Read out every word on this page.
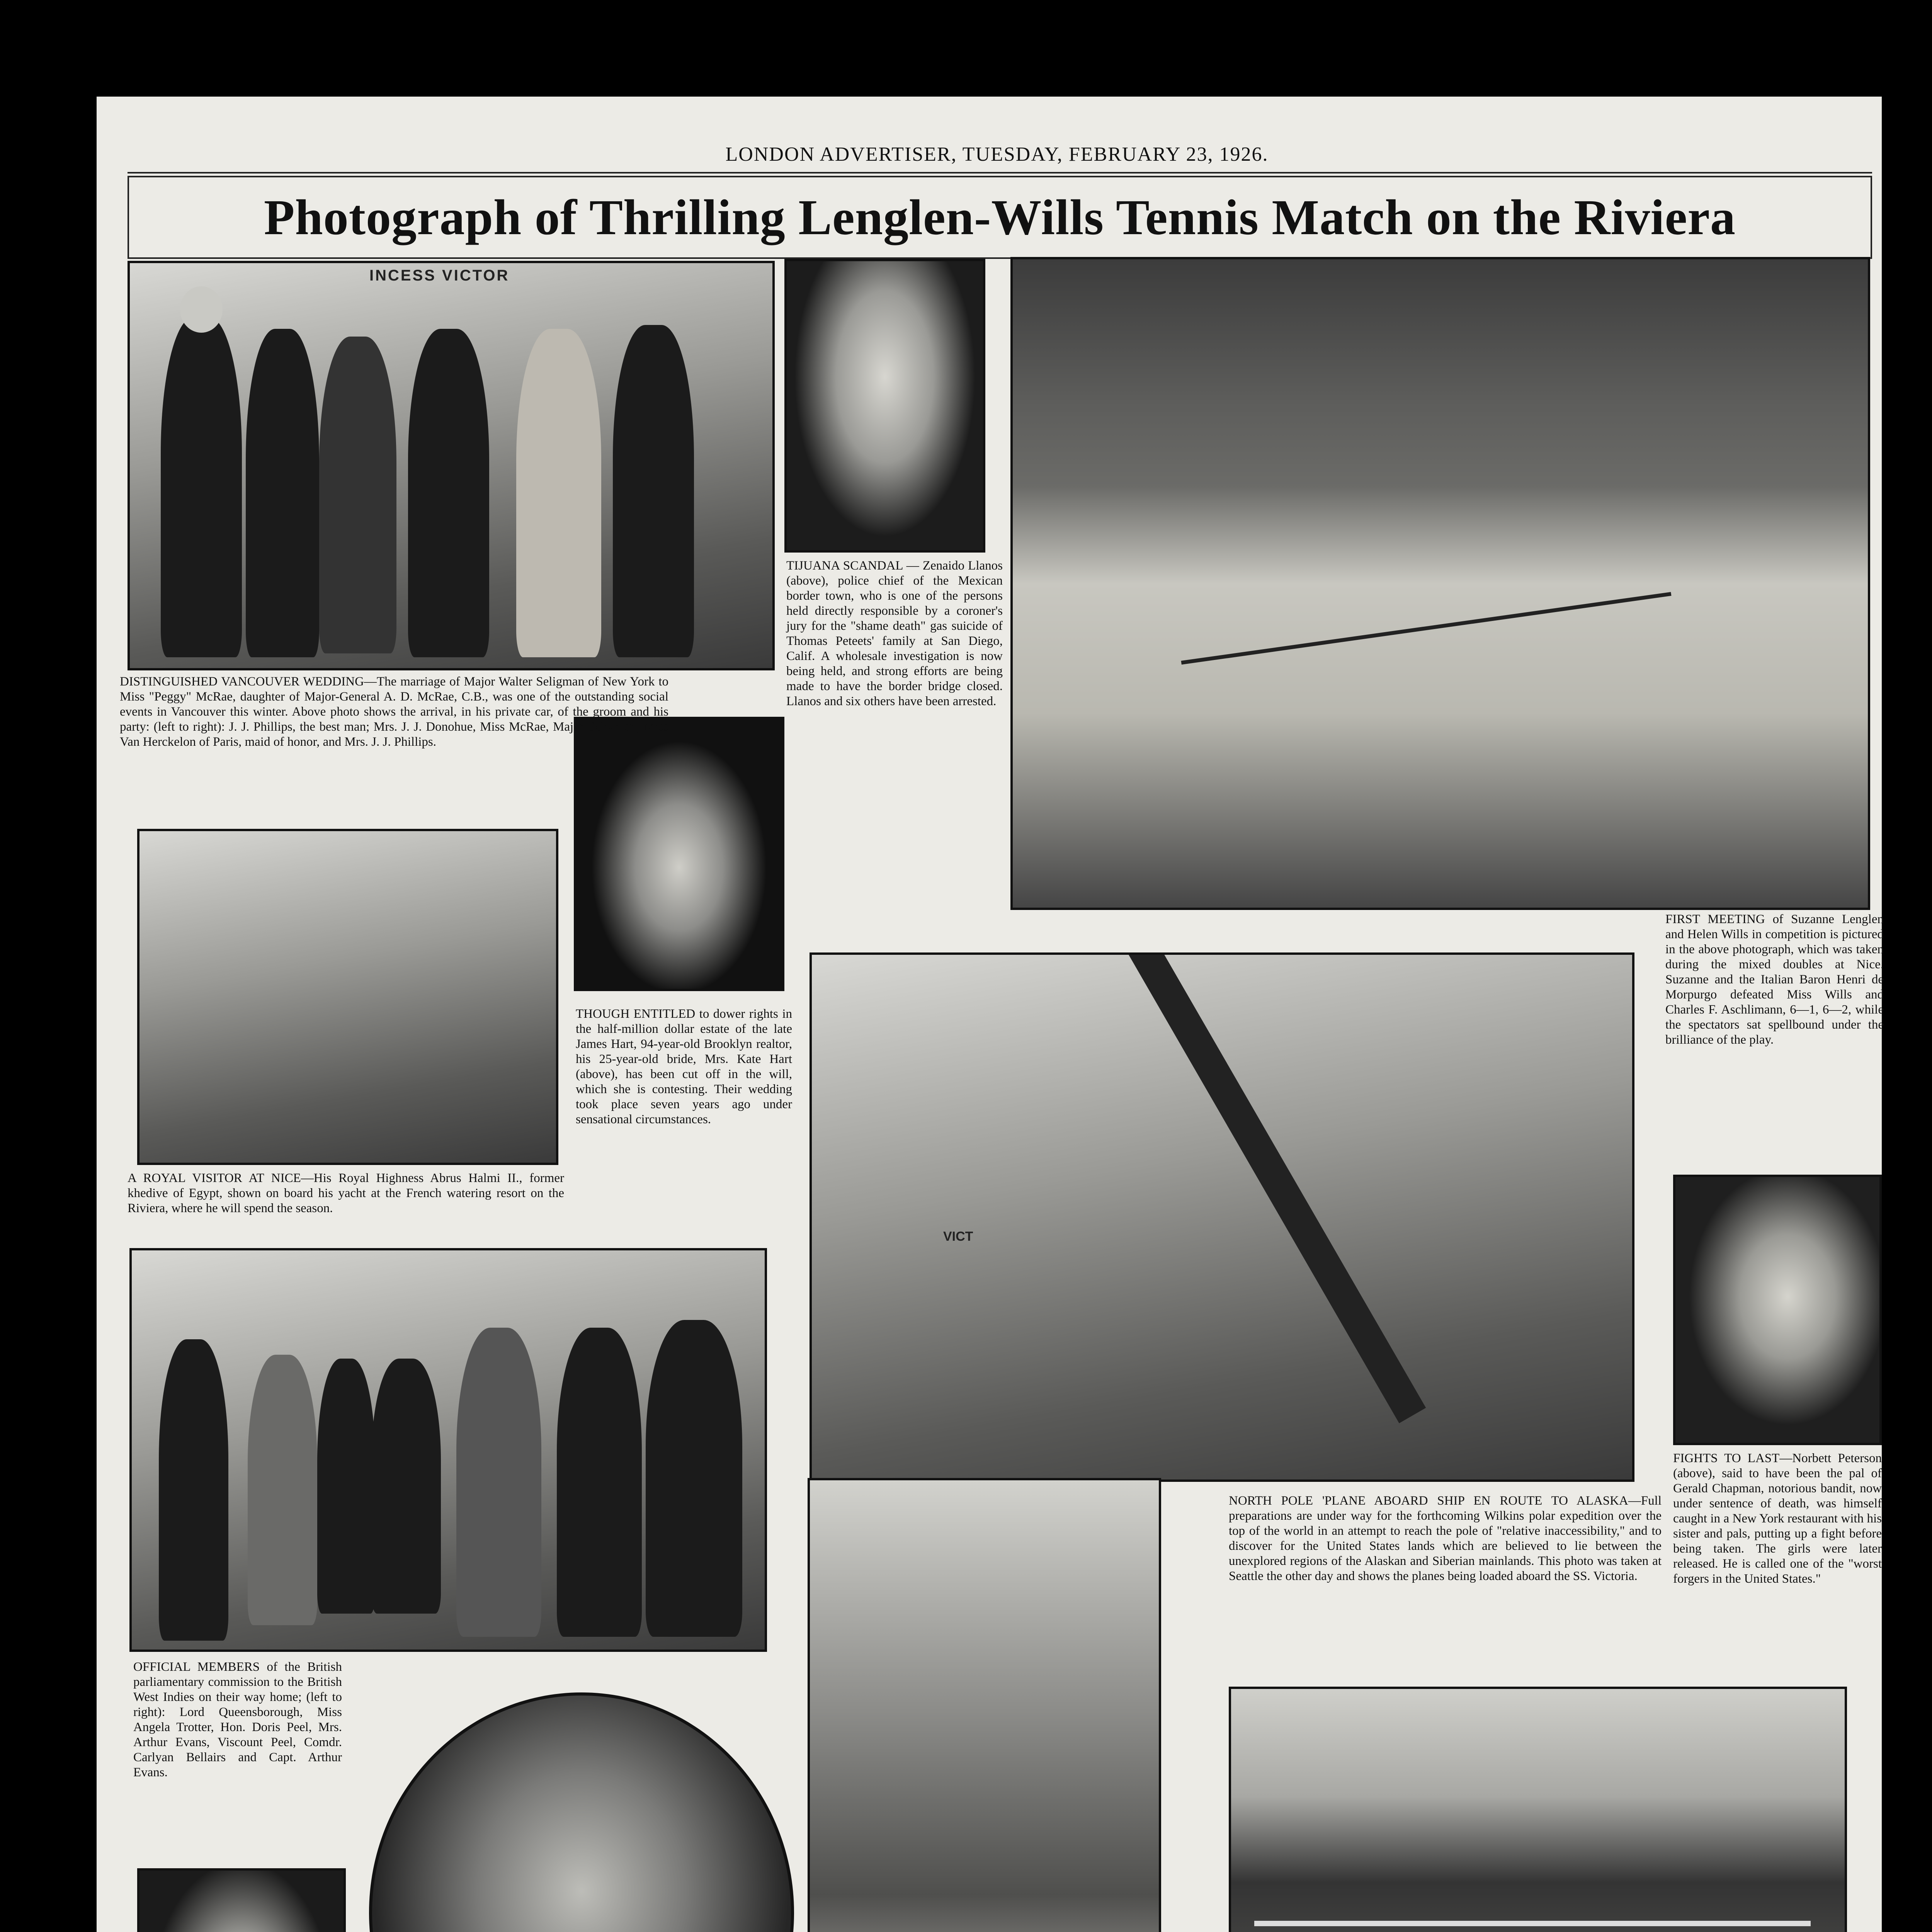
LONDON ADVERTISER, TUESDAY, FEBRUARY 23, 1926.
Photograph of Thrilling Lenglen-Wills Tennis Match on the Riviera
INCESS VICTOR
VICT
DISTINGUISHED VANCOUVER WEDDING—The marriage of Major Walter Seligman of New York to Miss "Peggy" McRae, daughter of Major-General A. D. McRae, C.B., was one of the outstanding social events in Vancouver this winter. Above photo shows the arrival, in his private car, of the groom and his party: (left to right): J. J. Phillips, the best man; Mrs. J. J. Donohue, Miss McRae, Major Seligman, Miss Van Herckelon of Paris, maid of honor, and Mrs. J. J. Phillips.
TIJUANA SCANDAL — Zenaido Llanos (above), police chief of the Mexican border town, who is one of the persons held directly responsible by a coroner's jury for the "shame death" gas suicide of Thomas Peteets' family at San Diego, Calif. A wholesale investigation is now being held, and strong efforts are being made to have the border bridge closed. Llanos and six others have been arrested.
THOUGH ENTITLED to dower rights in the half-million dollar estate of the late James Hart, 94-year-old Brooklyn realtor, his 25-year-old bride, Mrs. Kate Hart (above), has been cut off in the will, which she is contesting. Their wedding took place seven years ago under sensational circumstances.
A ROYAL VISITOR AT NICE—His Royal Highness Abrus Halmi II., former khedive of Egypt, shown on board his yacht at the French watering resort on the Riviera, where he will spend the season.
FIRST MEETING of Suzanne Lenglen and Helen Wills in competition is pictured in the above photograph, which was taken during the mixed doubles at Nice. Suzanne and the Italian Baron Henri de Morpurgo defeated Miss Wills and Charles F. Aschlimann, 6—1, 6—2, while the spectators sat spellbound under the brilliance of the play.
NORTH POLE 'PLANE ABOARD SHIP EN ROUTE TO ALASKA—Full preparations are under way for the forthcoming Wilkins polar expedition over the top of the world in an attempt to reach the pole of "relative inaccessibility," and to discover for the United States lands which are believed to lie between the unexplored regions of the Alaskan and Siberian mainlands. This photo was taken at Seattle the other day and shows the planes being loaded aboard the SS. Victoria.
FIGHTS TO LAST—Norbett Peterson (above), said to have been the pal of Gerald Chapman, notorious bandit, now under sentence of death, was himself caught in a New York restaurant with his sister and pals, putting up a fight before being taken. The girls were later released. He is called one of the "worst forgers in the United States."
OFFICIAL MEMBERS of the British parliamentary commission to the British West Indies on their way home; (left to right): Lord Queensborough, Miss Angela Trotter, Hon. Doris Peel, Mrs. Arthur Evans, Viscount Peel, Comdr. Carlyan Bellairs and Capt. Arthur Evans.
